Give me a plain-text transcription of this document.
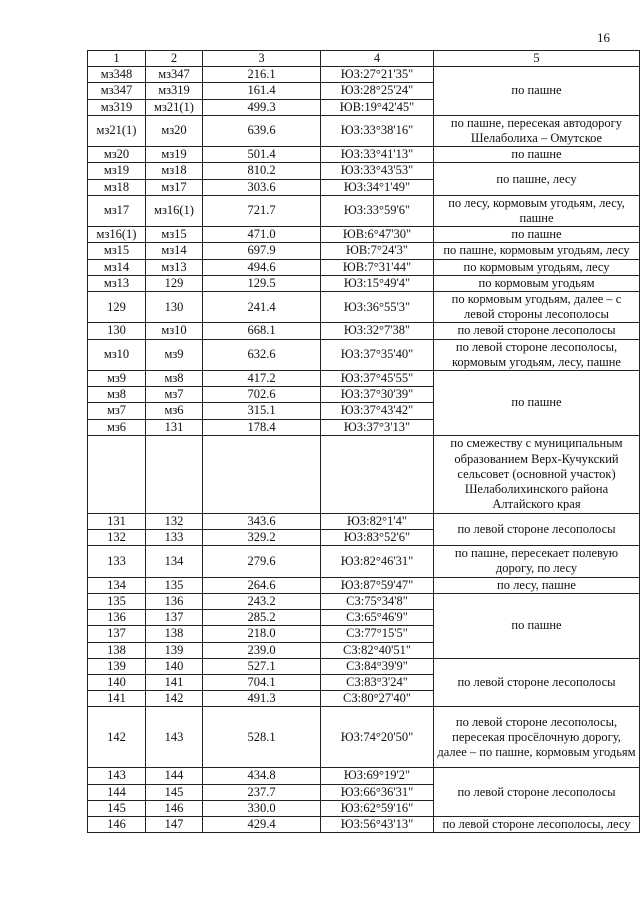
16
1	2	3	4	5
мз348	мз347	216.1	ЮЗ:27°21'35"	по пашне
мз347	мз319	161.4	ЮЗ:28°25'24"	
мз319	мз21(1)	499.3	ЮВ:19°42'45"	
мз21(1)	мз20	639.6	ЮЗ:33°38'16"	по пашне, пересекая автодорогу Шелаболиха – Омутское
мз20	мз19	501.4	ЮЗ:33°41'13"	по пашне
мз19	мз18	810.2	ЮЗ:33°43'53"	по пашне, лесу
мз18	мз17	303.6	ЮЗ:34°1'49"	
мз17	мз16(1)	721.7	ЮЗ:33°59'6"	по лесу, кормовым угодьям, лесу, пашне
мз16(1)	мз15	471.0	ЮВ:6°47'30"	по пашне
мз15	мз14	697.9	ЮВ:7°24'3"	по пашне, кормовым угодьям, лесу
мз14	мз13	494.6	ЮВ:7°31'44"	по кормовым угодьям, лесу
мз13	129	129.5	ЮЗ:15°49'4"	по кормовым угодьям
129	130	241.4	ЮЗ:36°55'3"	по кормовым угодьям, далее – с левой стороны лесополосы
130	мз10	668.1	ЮЗ:32°7'38"	по левой стороне лесополосы
мз10	мз9	632.6	ЮЗ:37°35'40"	по левой стороне лесополосы, кормовым угодьям, лесу, пашне
мз9	мз8	417.2	ЮЗ:37°45'55"	по пашне
мз8	мз7	702.6	ЮЗ:37°30'39"	
мз7	мз6	315.1	ЮЗ:37°43'42"	
мз6	131	178.4	ЮЗ:37°3'13"	
				по смежеству с муниципальным образованием Верх-Кучукский сельсовет (основной участок) Шелаболихинского района Алтайского края
131	132	343.6	ЮЗ:82°1'4"	по левой стороне лесополосы
132	133	329.2	ЮЗ:83°52'6"	
133	134	279.6	ЮЗ:82°46'31"	по пашне, пересекает полевую дорогу, по лесу
134	135	264.6	ЮЗ:87°59'47"	по лесу, пашне
135	136	243.2	СЗ:75°34'8"	по пашне
136	137	285.2	СЗ:65°46'9"	
137	138	218.0	СЗ:77°15'5"	
138	139	239.0	СЗ:82°40'51"	
139	140	527.1	СЗ:84°39'9"	по левой стороне лесополосы
140	141	704.1	СЗ:83°3'24"	
141	142	491.3	СЗ:80°27'40"	
142	143	528.1	ЮЗ:74°20'50"	по левой стороне лесополосы, пересекая просёлочную дорогу, далее – по пашне, кормовым угодьям
143	144	434.8	ЮЗ:69°19'2"	по левой стороне лесополосы
144	145	237.7	ЮЗ:66°36'31"	
145	146	330.0	ЮЗ:62°59'16"	
146	147	429.4	ЮЗ:56°43'13"	по левой стороне лесополосы, лесу
